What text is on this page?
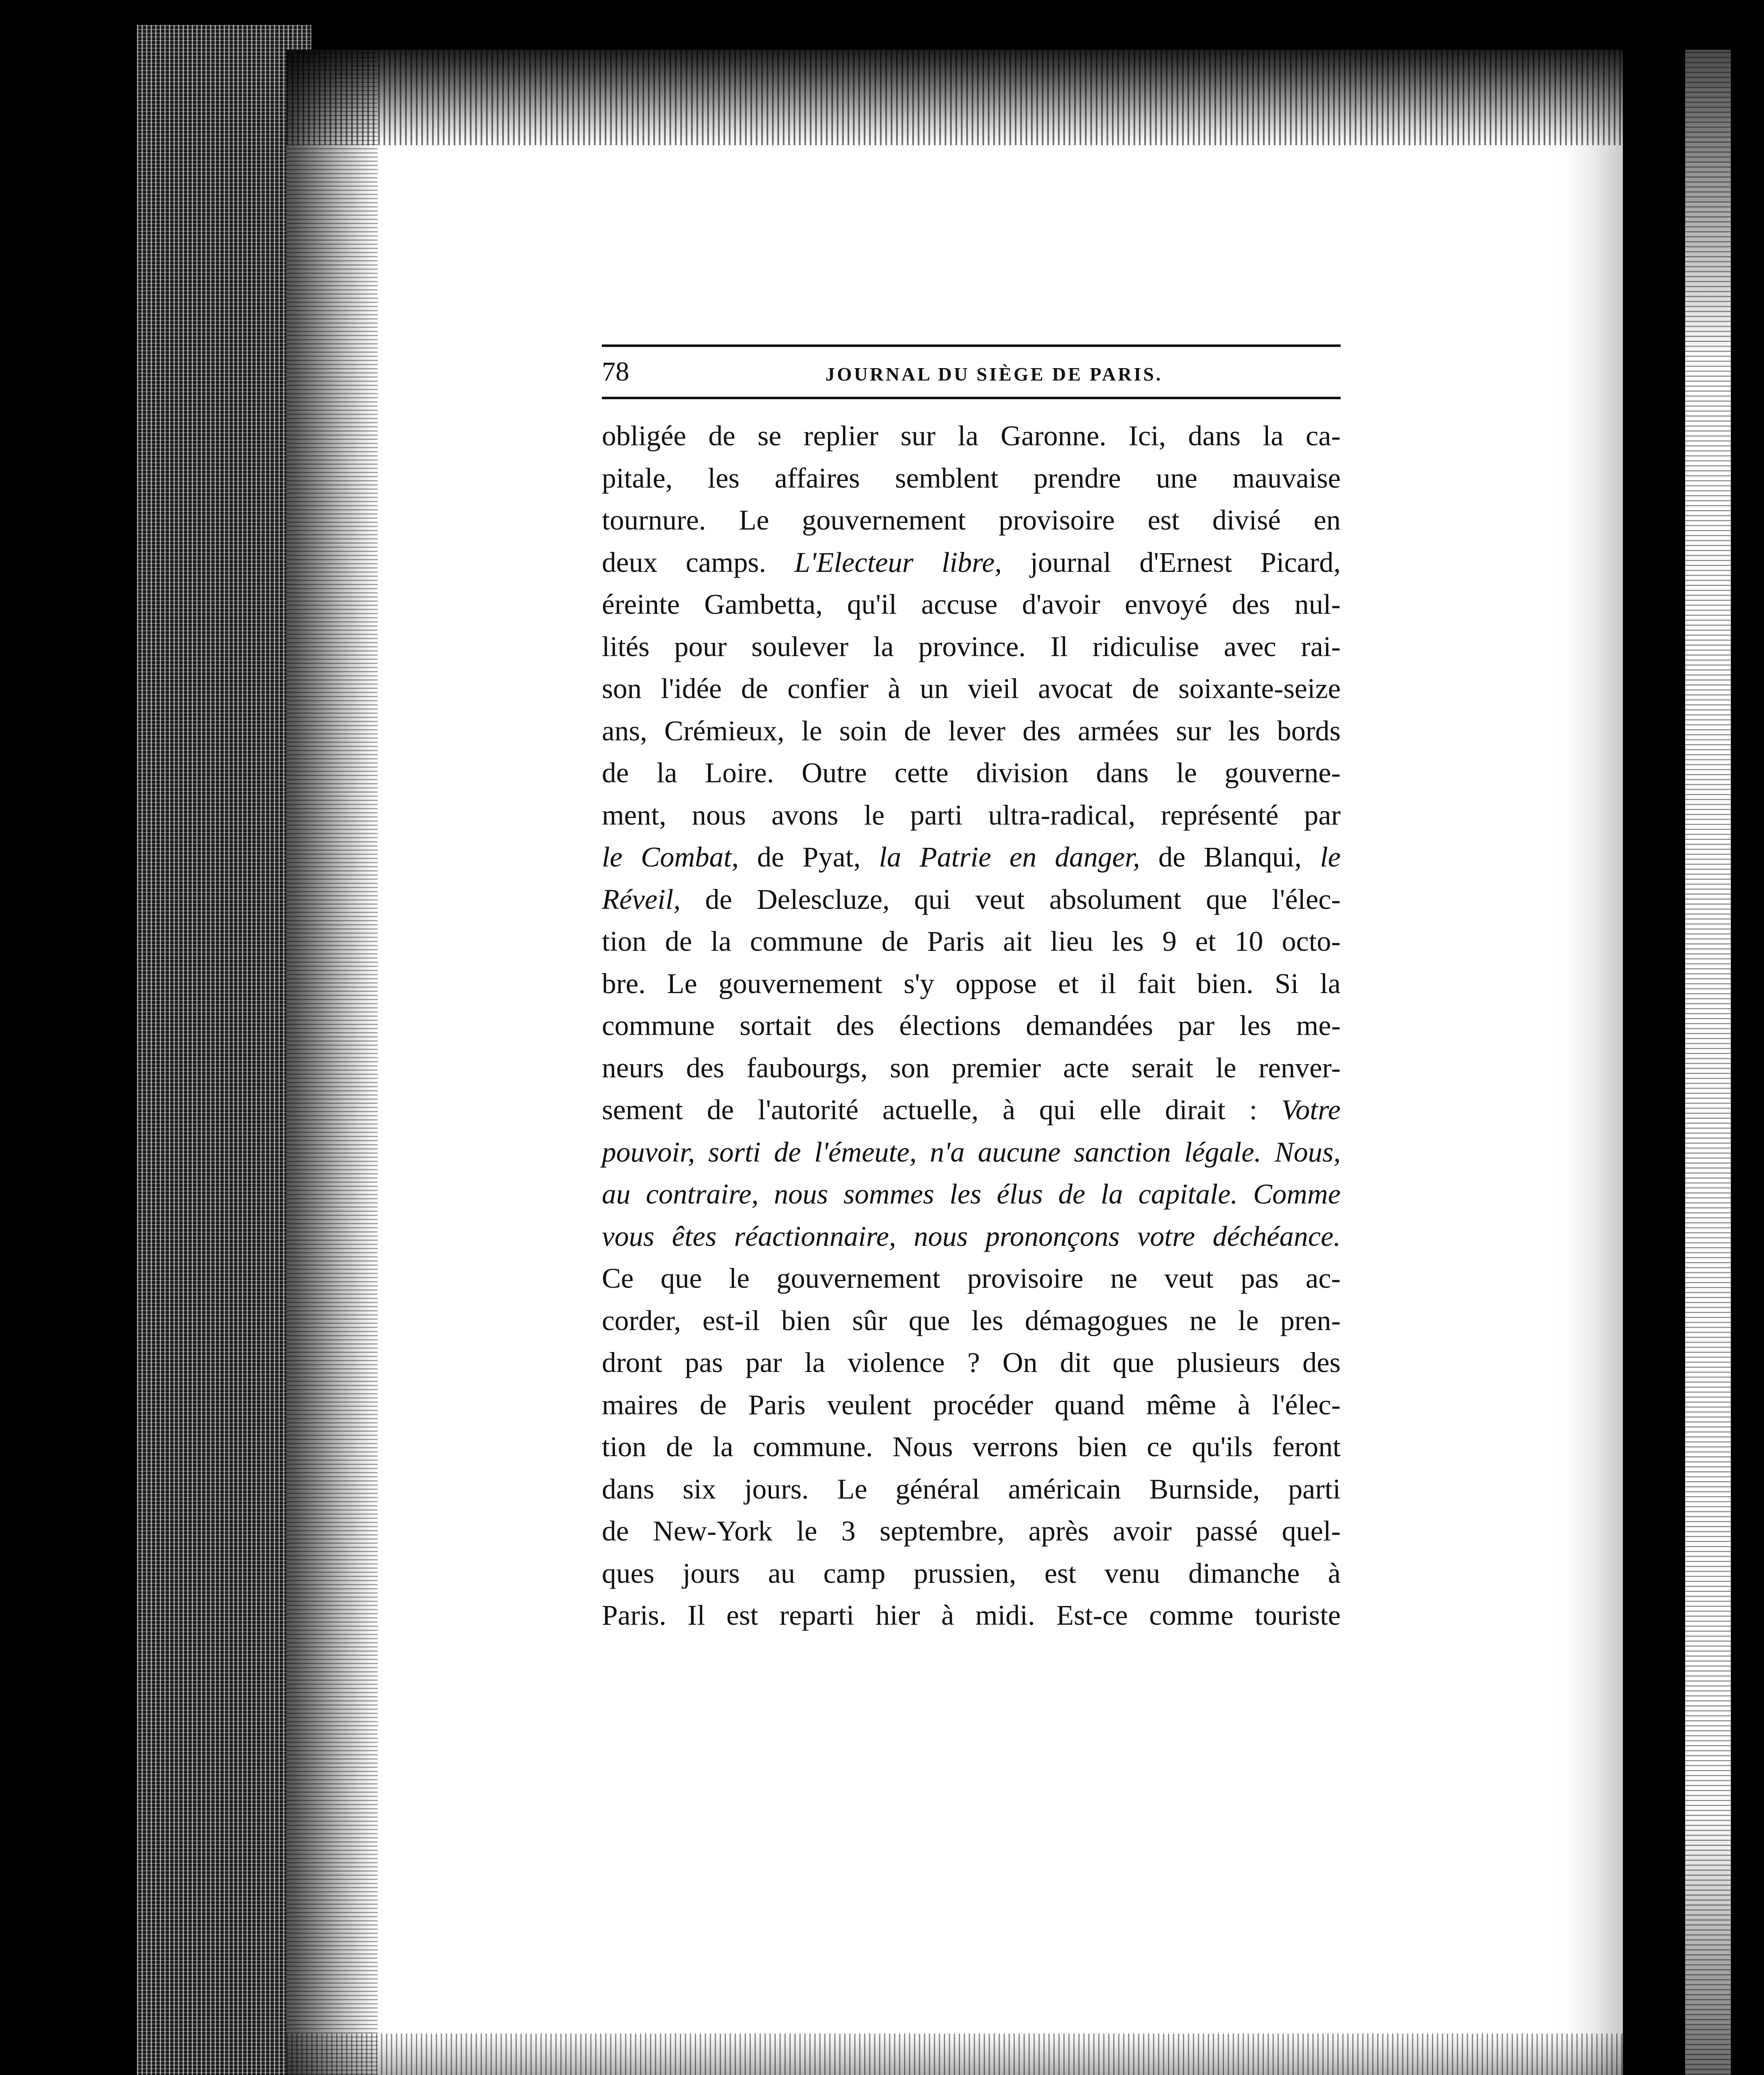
78	JOURNAL DU SIÈGE DE PARIS.
obligée de se replier sur la Garonne. Ici, dans la ca-
pitale, les affaires semblent prendre une mauvaise
tournure. Le gouvernement provisoire est divisé en
deux camps. L'Electeur libre, journal d'Ernest Picard,
éreinte Gambetta, qu'il accuse d'avoir envoyé des nul-
lités pour soulever la province. Il ridiculise avec rai-
son l'idée de confier à un vieil avocat de soixante-seize
ans, Crémieux, le soin de lever des armées sur les bords
de la Loire. Outre cette division dans le gouverne-
ment, nous avons le parti ultra-radical, représenté par
le Combat, de Pyat, la Patrie en danger, de Blanqui, le
Réveil, de Delescluze, qui veut absolument que l'élec-
tion de la commune de Paris ait lieu les 9 et 10 octo-
bre. Le gouvernement s'y oppose et il fait bien. Si la
commune sortait des élections demandées par les me-
neurs des faubourgs, son premier acte serait le renver-
sement de l'autorité actuelle, à qui elle dirait : Votre
pouvoir, sorti de l'émeute, n'a aucune sanction légale. Nous,
au contraire, nous sommes les élus de la capitale. Comme
vous êtes réactionnaire, nous prononçons votre déchéance.
Ce que le gouvernement provisoire ne veut pas ac-
corder, est-il bien sûr que les démagogues ne le pren-
dront pas par la violence ? On dit que plusieurs des
maires de Paris veulent procéder quand même à l'élec-
tion de la commune. Nous verrons bien ce qu'ils feront
dans six jours. Le général américain Burnside, parti
de New-York le 3 septembre, après avoir passé quel-
ques jours au camp prussien, est venu dimanche à
Paris. Il est reparti hier à midi. Est-ce comme touriste
